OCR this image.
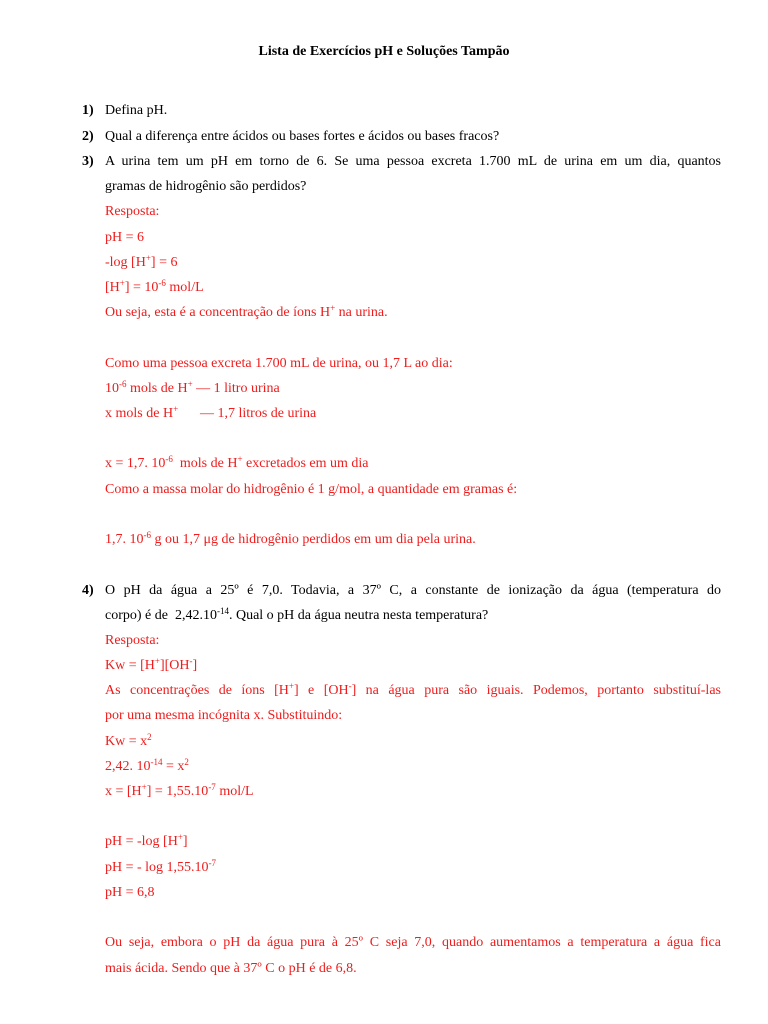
Lista de Exercícios pH e Soluções Tampão
1) Defina pH.
2) Qual a diferença entre ácidos ou bases fortes e ácidos ou bases fracos?
3) A urina tem um pH em torno de 6. Se uma pessoa excreta 1.700 mL de urina em um dia, quantos
gramas de hidrogênio são perdidos?
Resposta:
pH = 6
-log [H+] = 6
$[H^+] = 10^{-6}$ mol/L
Ou seja, esta é a concentração de íons H+ na urina.
Como uma pessoa excreta 1.700 mL de urina, ou 1,7 L ao dia:
$10^{-6}$ mols de H+ — 1 litro urina
x mols de H+ — 1,7 litros de urina
x = 1,7. $10^{-6}$  mols de H+ excretados em um dia
Como a massa molar do hidrogênio é 1 g/mol, a quantidade em gramas é:
1,7. $10^{-6}$ g ou 1,7 μg de hidrogênio perdidos em um dia pela urina.
4) O pH da água a 25º é 7,0. Todavia, a 37º C, a constante de ionização da água (temperatura do
corpo) é de  $2,42.10^{-14}$. Qual o pH da água neutra nesta temperatura?
Resposta:
Kw = [H+][OH-]
As concentrações de íons [H+] e [OH-] na água pura são iguais. Podemos, portanto substituí-las
por uma mesma incógnita x. Substituindo:
$Kw = x^2$
2,42. $10^{-14} = x^2$
$x = [H^+] = 1,55.10^{-7}$ mol/L
pH = -log [H+]
pH = - $\log 1,55.10^{-7}$
pH = 6,8
Ou seja, embora o pH da água pura à 25º C seja 7,0, quando aumentamos a temperatura a água fica
mais ácida. Sendo que à 37º C o pH é de 6,8.
